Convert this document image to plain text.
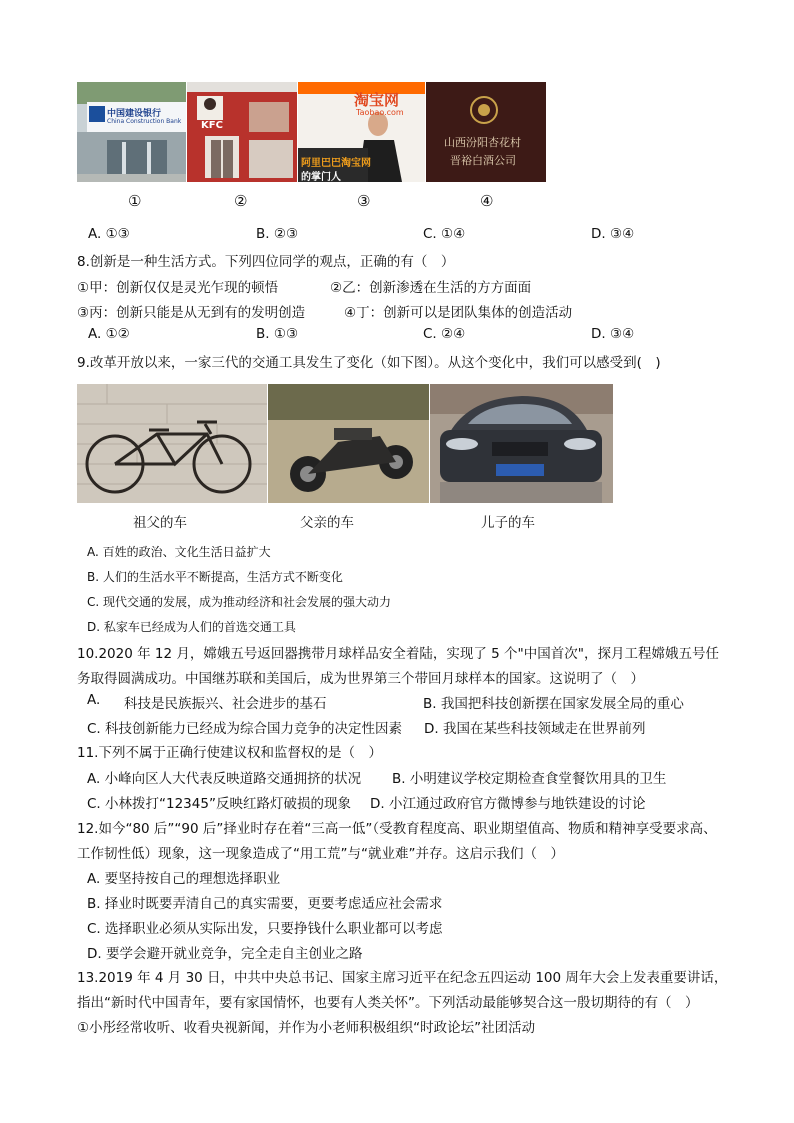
中国建设银行
China Construction Bank KFC
淘宝网
Taobao.com
阿里巴巴淘宝网
的掌门人
山西汾阳杏花村
晋裕白酒公司
①	②	③	④
A. ①③	B. ②③	C. ①④	D. ③④
8.创新是一种生活方式。下列四位同学的观点，正确的有（　）
①甲：创新仅仅是灵光乍现的顿悟	②乙：创新渗透在生活的方方面面
③丙：创新只能是从无到有的发明创造	④丁：创新可以是团队集体的创造活动
A. ①②	B. ①③	C. ②④	D. ③④
9.改革开放以来，一家三代的交通工具发生了变化（如下图）。从这个变化中，我们可以感受到(　)
祖父的车	父亲的车	儿子的车
A. 百姓的政治、文化生活日益扩大
B. 人们的生活水平不断提高，生活方式不断变化
C. 现代交通的发展，成为推动经济和社会发展的强大动力
D. 私家车已经成为人们的首选交通工具
10.2020 年 12 月，嫦娥五号返回器携带月球样品安全着陆，实现了 5 个"中国首次"，探月工程嫦娥五号任
务取得圆满成功。中国继苏联和美国后，成为世界第三个带回月球样本的国家。这说明了（　）
A. 科技是民族振兴、社会进步的基石	B. 我国把科技创新摆在国家发展全局的重心
C. 科技创新能力已经成为综合国力竞争的决定性因素 D. 我国在某些科技领域走在世界前列
11.下列不属于正确行使建议权和监督权的是（　）
A. 小峰向区人大代表反映道路交通拥挤的状况 B. 小明建议学校定期检查食堂餐饮用具的卫生
C. 小林拨打“12345”反映红路灯破损的现象 D. 小江通过政府官方微博参与地铁建设的讨论
12.如今“80 后”“90 后”择业时存在着“三高一低”（受教育程度高、职业期望值高、物质和精神享受要求高、
工作韧性低）现象，这一现象造成了“用工荒”与“就业难”并存。这启示我们（　）
A. 要坚持按自己的理想选择职业
B. 择业时既要弄清自己的真实需要，更要考虑适应社会需求
C. 选择职业必须从实际出发，只要挣钱什么职业都可以考虑
D. 要学会避开就业竞争，完全走自主创业之路
13.2019 年 4 月 30 日，中共中央总书记、国家主席习近平在纪念五四运动 100 周年大会上发表重要讲话，
指出“新时代中国青年，要有家国情怀，也要有人类关怀”。下列活动最能够契合这一殷切期待的有（　）
①小彤经常收听、收看央视新闻，并作为小老师积极组织“时政论坛”社团活动
